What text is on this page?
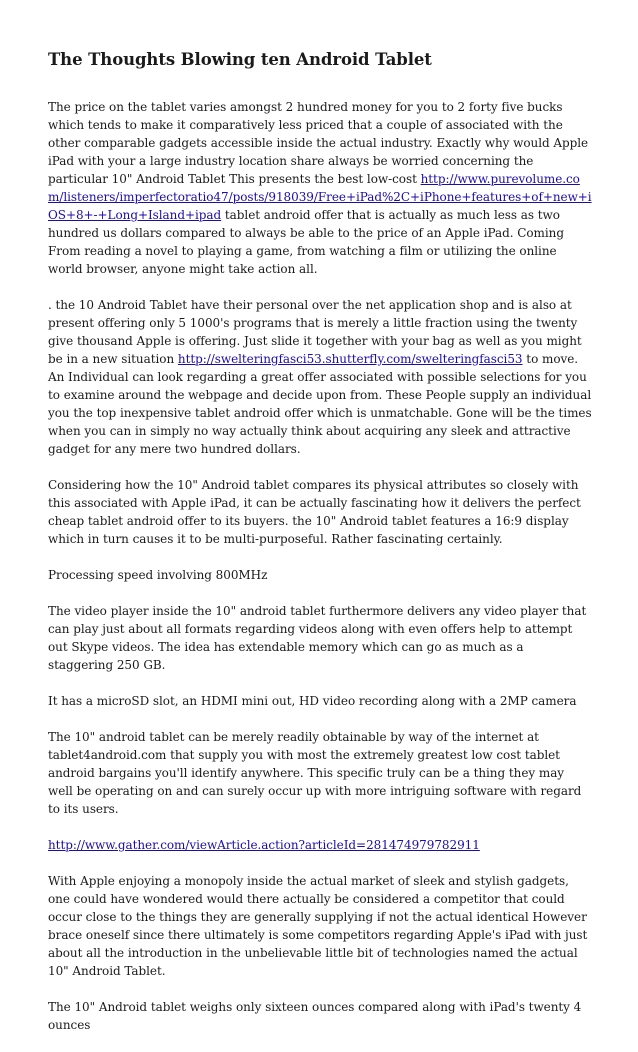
The Thoughts Blowing ten Android Tablet

The price on the tablet varies amongst 2 hundred money for you to 2 forty five bucks which tends to make it comparatively less priced that a couple of associated with the other comparable gadgets accessible inside the actual industry. Exactly why would Apple iPad with your a large industry location share always be worried concerning the particular 10" Android Tablet This presents the best low-cost http://www.purevolume.com/listeners/imperfectoratio47/posts/918039/Free+iPad%2C+iPhone+features+of+new+iOS+8+-+Long+Island+ipad tablet android offer that is actually as much less as two hundred us dollars compared to always be able to the price of an Apple iPad. Coming From reading a novel to playing a game, from watching a film or utilizing the online world browser, anyone might take action all.

. the 10 Android Tablet have their personal over the net application shop and is also at present offering only 5 1000's programs that is merely a little fraction using the twenty give thousand Apple is offering. Just slide it together with your bag as well as you might be in a new situation http://swelteringfasci53.shutterfly.com/swelteringfasci53 to move. An Individual can look regarding a great offer associated with possible selections for you to examine around the webpage and decide upon from. These People supply an individual you the top inexpensive tablet android offer which is unmatchable. Gone will be the times when you can in simply no way actually think about acquiring any sleek and attractive gadget for any mere two hundred dollars.

Considering how the 10" Android tablet compares its physical attributes so closely with this associated with Apple iPad, it can be actually fascinating how it delivers the perfect cheap tablet android offer to its buyers. the 10" Android tablet features a 16:9 display which in turn causes it to be multi-purposeful. Rather fascinating certainly.

Processing speed involving 800MHz

The video player inside the 10" android tablet furthermore delivers any video player that can play just about all formats regarding videos along with even offers help to attempt out Skype videos. The idea has extendable memory which can go as much as a staggering 250 GB.

It has a microSD slot, an HDMI mini out, HD video recording along with a 2MP camera

The 10" android tablet can be merely readily obtainable by way of the internet at tablet4android.com that supply you with most the extremely greatest low cost tablet android bargains you'll identify anywhere. This specific truly can be a thing they may well be operating on and can surely occur up with more intriguing software with regard to its users.

http://www.gather.com/viewArticle.action?articleId=281474979782911

With Apple enjoying a monopoly inside the actual market of sleek and stylish gadgets, one could have wondered would there actually be considered a competitor that could occur close to the things they are generally supplying if not the actual identical However brace oneself since there ultimately is some competitors regarding Apple's iPad with just about all the introduction in the unbelievable little bit of technologies named the actual 10" Android Tablet.

The 10" Android tablet weighs only sixteen ounces compared along with iPad's twenty 4 ounces
